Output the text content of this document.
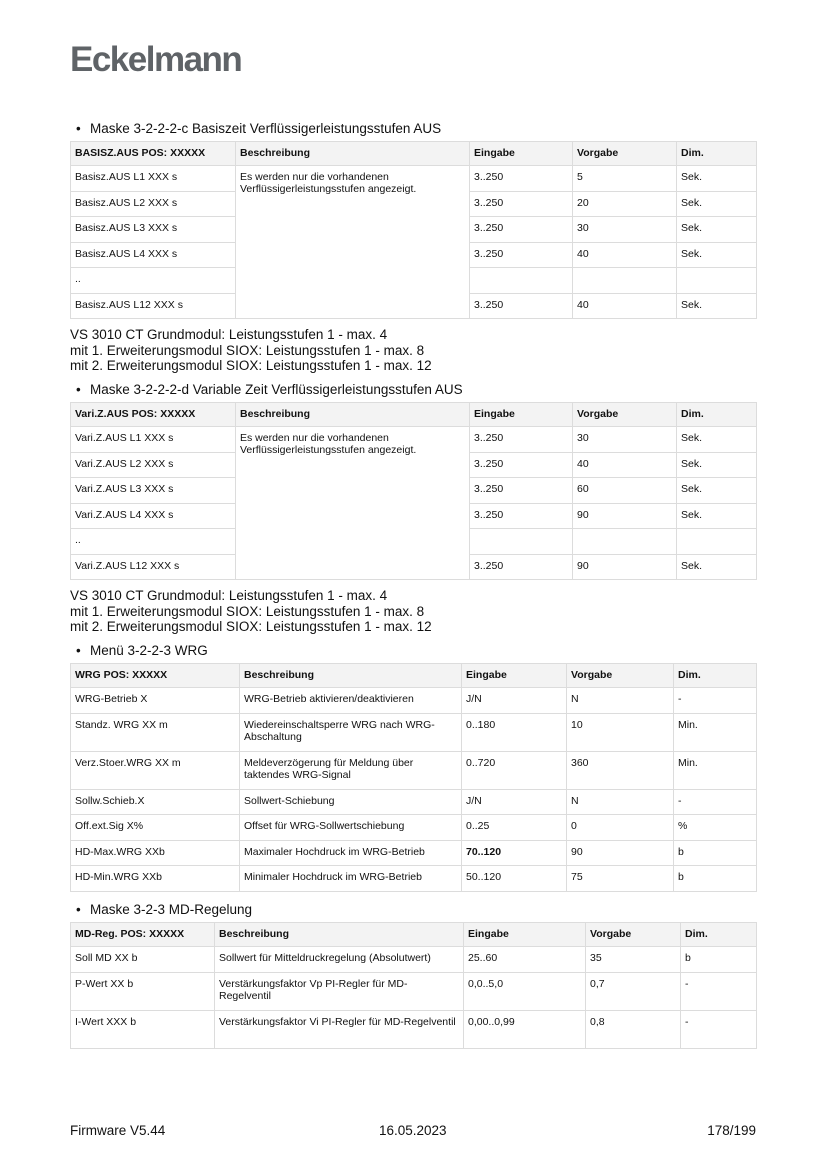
Eckelmann
• Maske 3-2-2-2-c Basiszeit Verflüssigerleistungsstufen AUS
BASISZ.AUS POS: XXXXX	Beschreibung	Eingabe	Vorgabe	Dim.
Basisz.AUS L1 XXX s	Es werden nur die vorhandenen Verflüssigerleistungsstufen angezeigt.	3..250	5	Sek.
Basisz.AUS L2 XXX s		3..250	20	Sek.
Basisz.AUS L3 XXX s		3..250	30	Sek.
Basisz.AUS L4 XXX s		3..250	40	Sek.
..				
Basisz.AUS L12 XXX s		3..250	40	Sek.
VS 3010 CT Grundmodul: Leistungsstufen 1 - max. 4
mit 1. Erweiterungsmodul SIOX: Leistungsstufen 1 - max. 8
mit 2. Erweiterungsmodul SIOX: Leistungsstufen 1 - max. 12
• Maske 3-2-2-2-d Variable Zeit Verflüssigerleistungsstufen AUS
Vari.Z.AUS POS: XXXXX	Beschreibung	Eingabe	Vorgabe	Dim.
Vari.Z.AUS L1 XXX s	Es werden nur die vorhandenen Verflüssigerleistungsstufen angezeigt.	3..250	30	Sek.
Vari.Z.AUS L2 XXX s		3..250	40	Sek.
Vari.Z.AUS L3 XXX s		3..250	60	Sek.
Vari.Z.AUS L4 XXX s		3..250	90	Sek.
..				
Vari.Z.AUS L12 XXX s		3..250	90	Sek.
VS 3010 CT Grundmodul: Leistungsstufen 1 - max. 4
mit 1. Erweiterungsmodul SIOX: Leistungsstufen 1 - max. 8
mit 2. Erweiterungsmodul SIOX: Leistungsstufen 1 - max. 12
• Menü 3-2-2-3 WRG
WRG POS: XXXXX	Beschreibung	Eingabe	Vorgabe	Dim.
WRG-Betrieb X	WRG-Betrieb aktivieren/deaktivieren	J/N	N	-
Standz. WRG XX m	Wiedereinschaltsperre WRG nach WRG-Abschaltung	0..180	10	Min.
Verz.Stoer.WRG XX m	Meldeverzögerung für Meldung über taktendes WRG-Signal	0..720	360	Min.
Sollw.Schieb.X	Sollwert-Schiebung	J/N	N	-
Off.ext.Sig X%	Offset für WRG-Sollwertschiebung	0..25	0	%
HD-Max.WRG XXb	Maximaler Hochdruck im WRG-Betrieb	70..120	90	b
HD-Min.WRG XXb	Minimaler Hochdruck im WRG-Betrieb	50..120	75	b
• Maske 3-2-3 MD-Regelung
MD-Reg. POS: XXXXX	Beschreibung	Eingabe	Vorgabe	Dim.
Soll MD XX b	Sollwert für Mitteldruckregelung (Absolutwert)	25..60	35	b
P-Wert XX b	Verstärkungsfaktor Vp PI-Regler für MD-Regelventil	0,0..5,0	0,7	-
I-Wert XXX b	Verstärkungsfaktor Vi PI-Regler für MD-Regelventil	0,00..0,99	0,8	-
Firmware V5.44	16.05.2023	178/199
